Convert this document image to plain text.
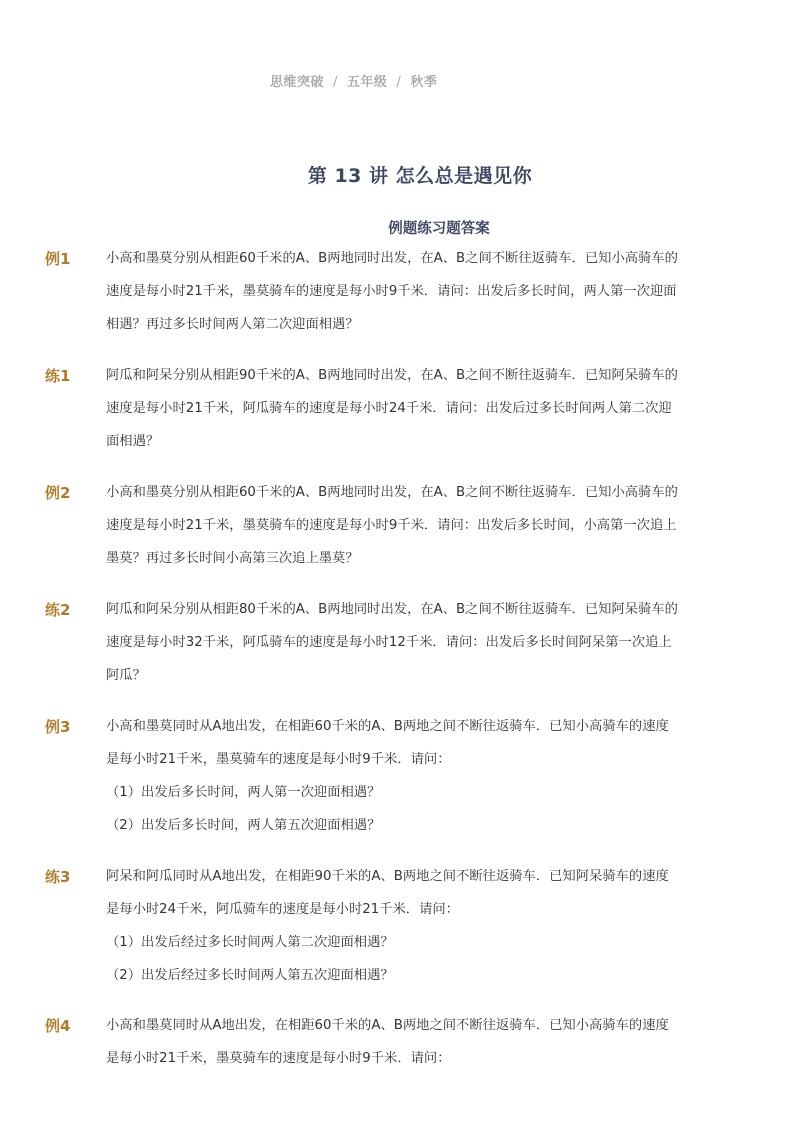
思维突破 / 五年级 / 秋季
第 13 讲 怎么总是遇见你
例题练习题答案
例1	小高和墨莫分别从相距60千米的A、B两地同时出发，在A、B之间不断往返骑车．已知小高骑车的
速度是每小时21千米，墨莫骑车的速度是每小时9千米．请问：出发后多长时间，两人第一次迎面
相遇？再过多长时间两人第二次迎面相遇？
练1	阿瓜和阿呆分别从相距90千米的A、B两地同时出发，在A、B之间不断往返骑车．已知阿呆骑车的
速度是每小时21千米，阿瓜骑车的速度是每小时24千米．请问：出发后过多长时间两人第二次迎
面相遇？
例2	小高和墨莫分别从相距60千米的A、B两地同时出发，在A、B之间不断往返骑车．已知小高骑车的
速度是每小时21千米，墨莫骑车的速度是每小时9千米．请问：出发后多长时间，小高第一次追上
墨莫？再过多长时间小高第三次追上墨莫？
练2	阿瓜和阿呆分别从相距80千米的A、B两地同时出发，在A、B之间不断往返骑车．已知阿呆骑车的
速度是每小时32千米，阿瓜骑车的速度是每小时12千米．请问：出发后多长时间阿呆第一次追上
阿瓜？
例3	小高和墨莫同时从A地出发，在相距60千米的A、B两地之间不断往返骑车．已知小高骑车的速度
是每小时21千米，墨莫骑车的速度是每小时9千米．请问：
（1）出发后多长时间，两人第一次迎面相遇？
（2）出发后多长时间，两人第五次迎面相遇？
练3	阿呆和阿瓜同时从A地出发，在相距90千米的A、B两地之间不断往返骑车．已知阿呆骑车的速度
是每小时24千米，阿瓜骑车的速度是每小时21千米．请问：
（1）出发后经过多长时间两人第二次迎面相遇？
（2）出发后经过多长时间两人第五次迎面相遇？
例4	小高和墨莫同时从A地出发，在相距60千米的A、B两地之间不断往返骑车．已知小高骑车的速度
是每小时21千米，墨莫骑车的速度是每小时9千米．请问：
